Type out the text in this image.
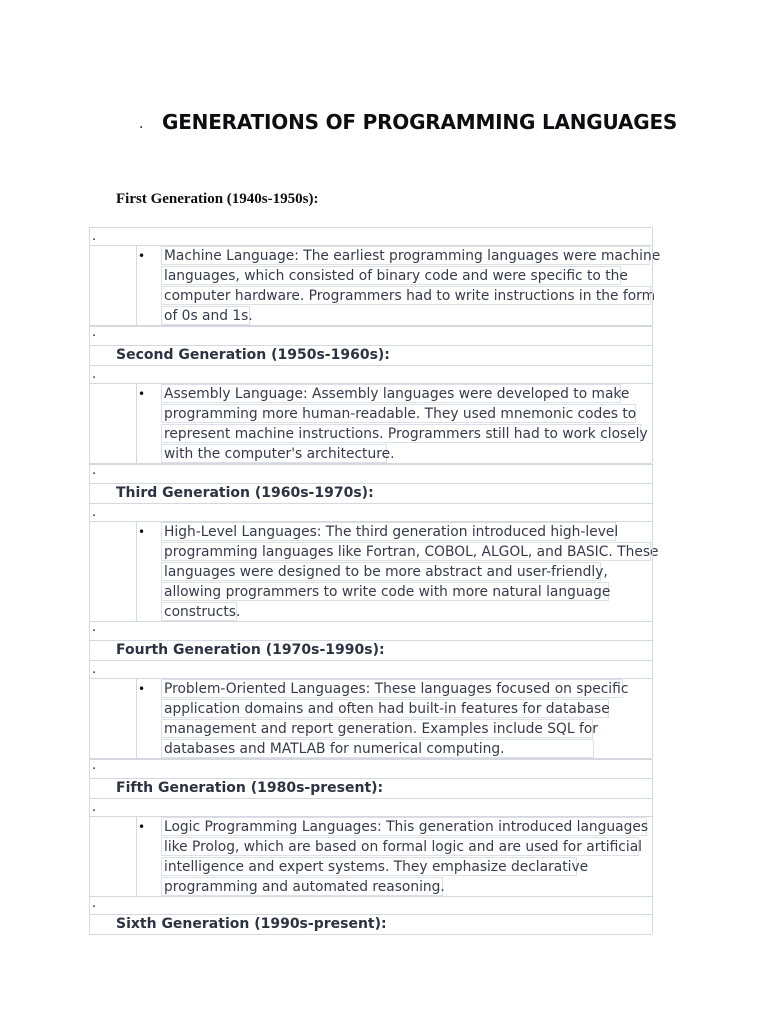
. GENERATIONS OF PROGRAMMING LANGUAGES
First Generation (1940s-1950s):
.
• Machine Language: The earliest programming languages were machine
languages, which consisted of binary code and were specific to the
computer hardware. Programmers had to write instructions in the form
of 0s and 1s.
.
Second Generation (1950s-1960s):
.
• Assembly Language: Assembly languages were developed to make
programming more human-readable. They used mnemonic codes to
represent machine instructions. Programmers still had to work closely
with the computer's architecture.
.
Third Generation (1960s-1970s):
.
• High-Level Languages: The third generation introduced high-level
programming languages like Fortran, COBOL, ALGOL, and BASIC. These
languages were designed to be more abstract and user-friendly,
allowing programmers to write code with more natural language
constructs.
.
Fourth Generation (1970s-1990s):
.
• Problem-Oriented Languages: These languages focused on specific
application domains and often had built-in features for database
management and report generation. Examples include SQL for
databases and MATLAB for numerical computing.
.
Fifth Generation (1980s-present):
.
• Logic Programming Languages: This generation introduced languages
like Prolog, which are based on formal logic and are used for artificial
intelligence and expert systems. They emphasize declarative
programming and automated reasoning.
.
Sixth Generation (1990s-present):
